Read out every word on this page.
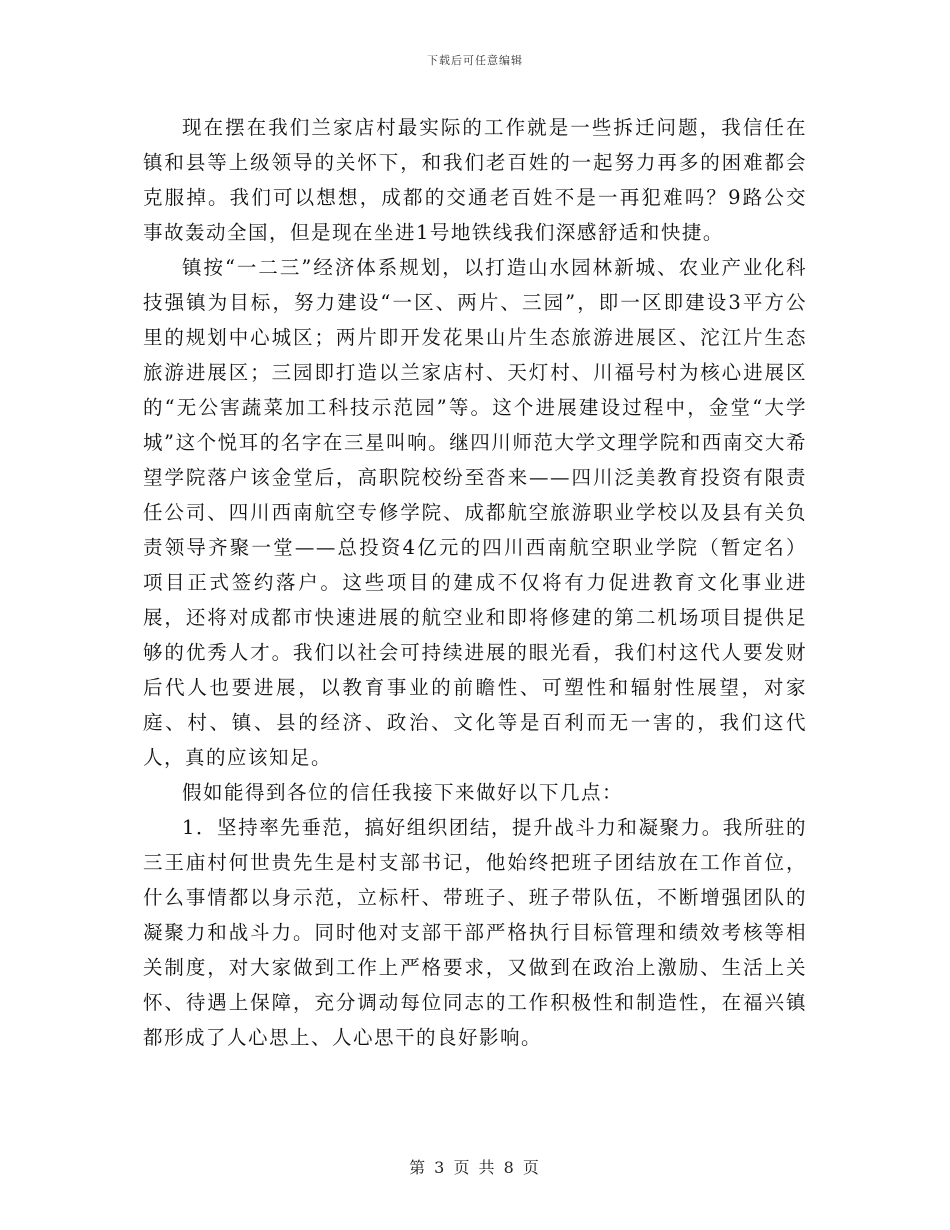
下载后可任意编辑

现在摆在我们兰家店村最实际的工作就是一些拆迁问题，我信任在镇和县等上级领导的关怀下，和我们老百姓的一起努力再多的困难都会克服掉。我们可以想想，成都的交通老百姓不是一再犯难吗？9路公交事故轰动全国，但是现在坐进1号地铁线我们深感舒适和快捷。

镇按“一二三”经济体系规划，以打造山水园林新城、农业产业化科技强镇为目标，努力建设“一区、两片、三园”，即一区即建设3平方公里的规划中心城区；两片即开发花果山片生态旅游进展区、沱江片生态旅游进展区；三园即打造以兰家店村、天灯村、川福号村为核心进展区的“无公害蔬菜加工科技示范园”等。这个进展建设过程中，金堂“大学城”这个悦耳的名字在三星叫响。继四川师范大学文理学院和西南交大希望学院落户该金堂后，高职院校纷至沓来——四川泛美教育投资有限责任公司、四川西南航空专修学院、成都航空旅游职业学校以及县有关负责领导齐聚一堂——总投资4亿元的四川西南航空职业学院（暂定名）项目正式签约落户。这些项目的建成不仅将有力促进教育文化事业进展，还将对成都市快速进展的航空业和即将修建的第二机场项目提供足够的优秀人才。我们以社会可持续进展的眼光看，我们村这代人要发财后代人也要进展，以教育事业的前瞻性、可塑性和辐射性展望，对家庭、村、镇、县的经济、政治、文化等是百利而无一害的，我们这代人，真的应该知足。

假如能得到各位的信任我接下来做好以下几点：

1．坚持率先垂范，搞好组织团结，提升战斗力和凝聚力。我所驻的三王庙村何世贵先生是村支部书记，他始终把班子团结放在工作首位，什么事情都以身示范，立标杆、带班子、班子带队伍，不断增强团队的凝聚力和战斗力。同时他对支部干部严格执行目标管理和绩效考核等相关制度，对大家做到工作上严格要求，又做到在政治上激励、生活上关怀、待遇上保障，充分调动每位同志的工作积极性和制造性，在福兴镇都形成了人心思上、人心思干的良好影响。

第 3 页 共 8 页
